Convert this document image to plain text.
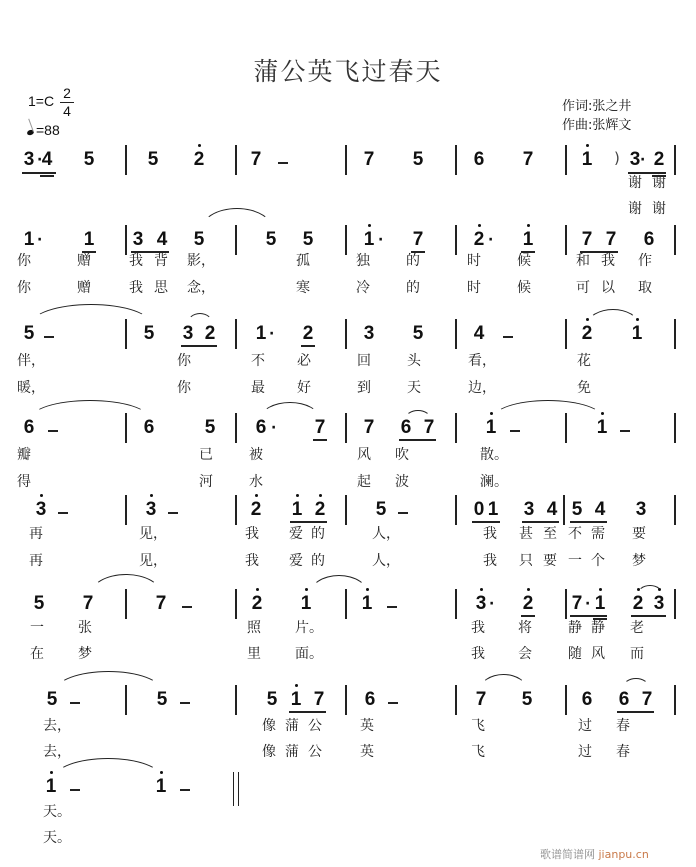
蒲公英飞过春天
1=C 2
4
=88
作词:张之井
作曲:张辉文
3 4 5	5 2 7	7 5	6 7	1 3 2
1	1 3 4 5	5 5	1 7	2 1	7 7 6
5	5 3 2 1 2	3 5	4	2 1
6	6	5 6	7 7 6 7	1	1
3	3	2 1 2	5	0 1 3 4 5 4 3
5 7	7	2 1	1	3 2 7 1 2 3
5	5	5 1 7 6	7 5	6 6 7
1	1
·	·
·	·	·
·
·
·	·
)
谢 谢
谢 谢
你	赠	我 背 影，	孤	独	的	时	候	和 我 作
你	赠	我 思 念，	寒	冷	的	时	候	可 以 取
伴，	你	不 必	回	头	看，	花
暖，	你	最 好	到	天	边，	免
瓣	已	被	风 吹	散。
得	河	水	起 波	澜。
再	见，	我 爱 的	人，	我 甚 至 不 需 要
再	见，	我 爱 的	人，	我 只 要 一 个 梦
一 张	照 片。	我 将	静 静 老
在 梦	里 面。	我 会	随 风 而
去，	像 蒲 公	英	飞	过 春
去，	像 蒲 公	英	飞	过 春
天。
天。
歌谱简谱网 jianpu.cn
